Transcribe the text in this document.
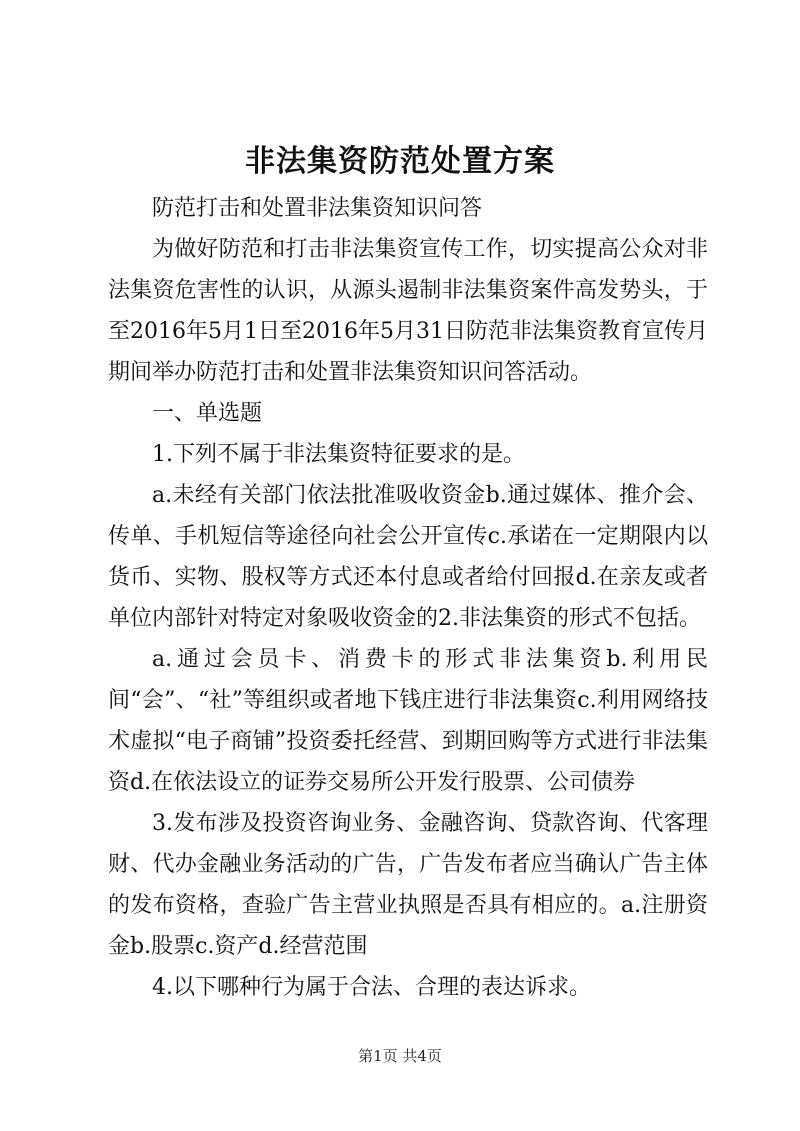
非法集资防范处置方案

防范打击和处置非法集资知识问答

为做好防范和打击非法集资宣传工作，切实提高公众对非法集资危害性的认识，从源头遏制非法集资案件高发势头，于至2016年5月1日至2016年5月31日防范非法集资教育宣传月期间举办防范打击和处置非法集资知识问答活动。

一、单选题

1.下列不属于非法集资特征要求的是。

a.未经有关部门依法批准吸收资金b.通过媒体、推介会、传单、手机短信等途径向社会公开宣传c.承诺在一定期限内以货币、实物、股权等方式还本付息或者给付回报d.在亲友或者单位内部针对特定对象吸收资金的2.非法集资的形式不包括。

a.通过会员卡、消费卡的形式非法集资b.利用民间“会”、“社”等组织或者地下钱庄进行非法集资c.利用网络技术虚拟“电子商铺”投资委托经营、到期回购等方式进行非法集资d.在依法设立的证券交易所公开发行股票、公司债券

3.发布涉及投资咨询业务、金融咨询、贷款咨询、代客理财、代办金融业务活动的广告，广告发布者应当确认广告主体的发布资格，查验广告主营业执照是否具有相应的。a.注册资金b.股票c.资产d.经营范围

4.以下哪种行为属于合法、合理的表达诉求。

第1页 共4页
